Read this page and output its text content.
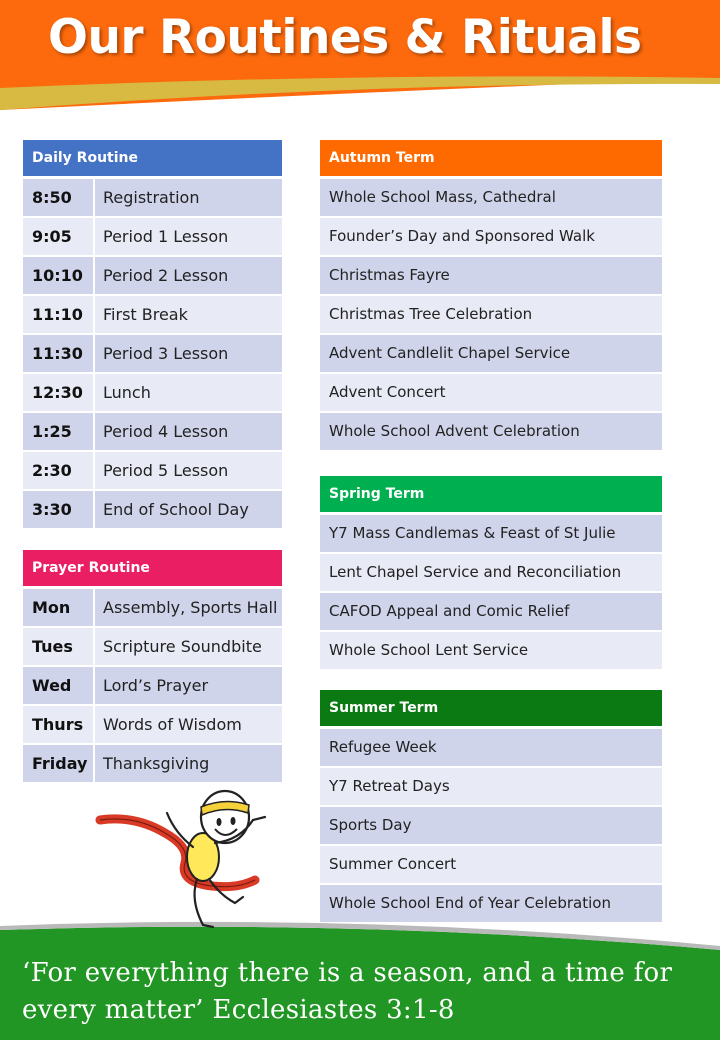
Our Routines & Rituals
Daily Routine
8:50	Registration
9:05	Period 1 Lesson
10:10	Period 2 Lesson
11:10	First Break
11:30	Period 3 Lesson
12:30	Lunch
1:25	Period 4 Lesson
2:30	Period 5 Lesson
3:30	End of School Day
Prayer Routine
Mon	Assembly, Sports Hall
Tues	Scripture Soundbite
Wed	Lord’s Prayer
Thurs	Words of Wisdom
Friday Thanksgiving
Autumn Term
Whole School Mass, Cathedral
Founder’s Day and Sponsored Walk
Christmas Fayre
Christmas Tree Celebration
Advent Candlelit Chapel Service
Advent Concert
Whole School Advent Celebration
Spring Term
Y7 Mass Candlemas & Feast of St Julie
Lent Chapel Service and Reconciliation
CAFOD Appeal and Comic Relief
Whole School Lent Service
Summer Term
Refugee Week
Y7 Retreat Days
Sports Day
Summer Concert
Whole School End of Year Celebration
‘For everything there is a season, and a time for every matter’ Ecclesiastes 3:1-8
